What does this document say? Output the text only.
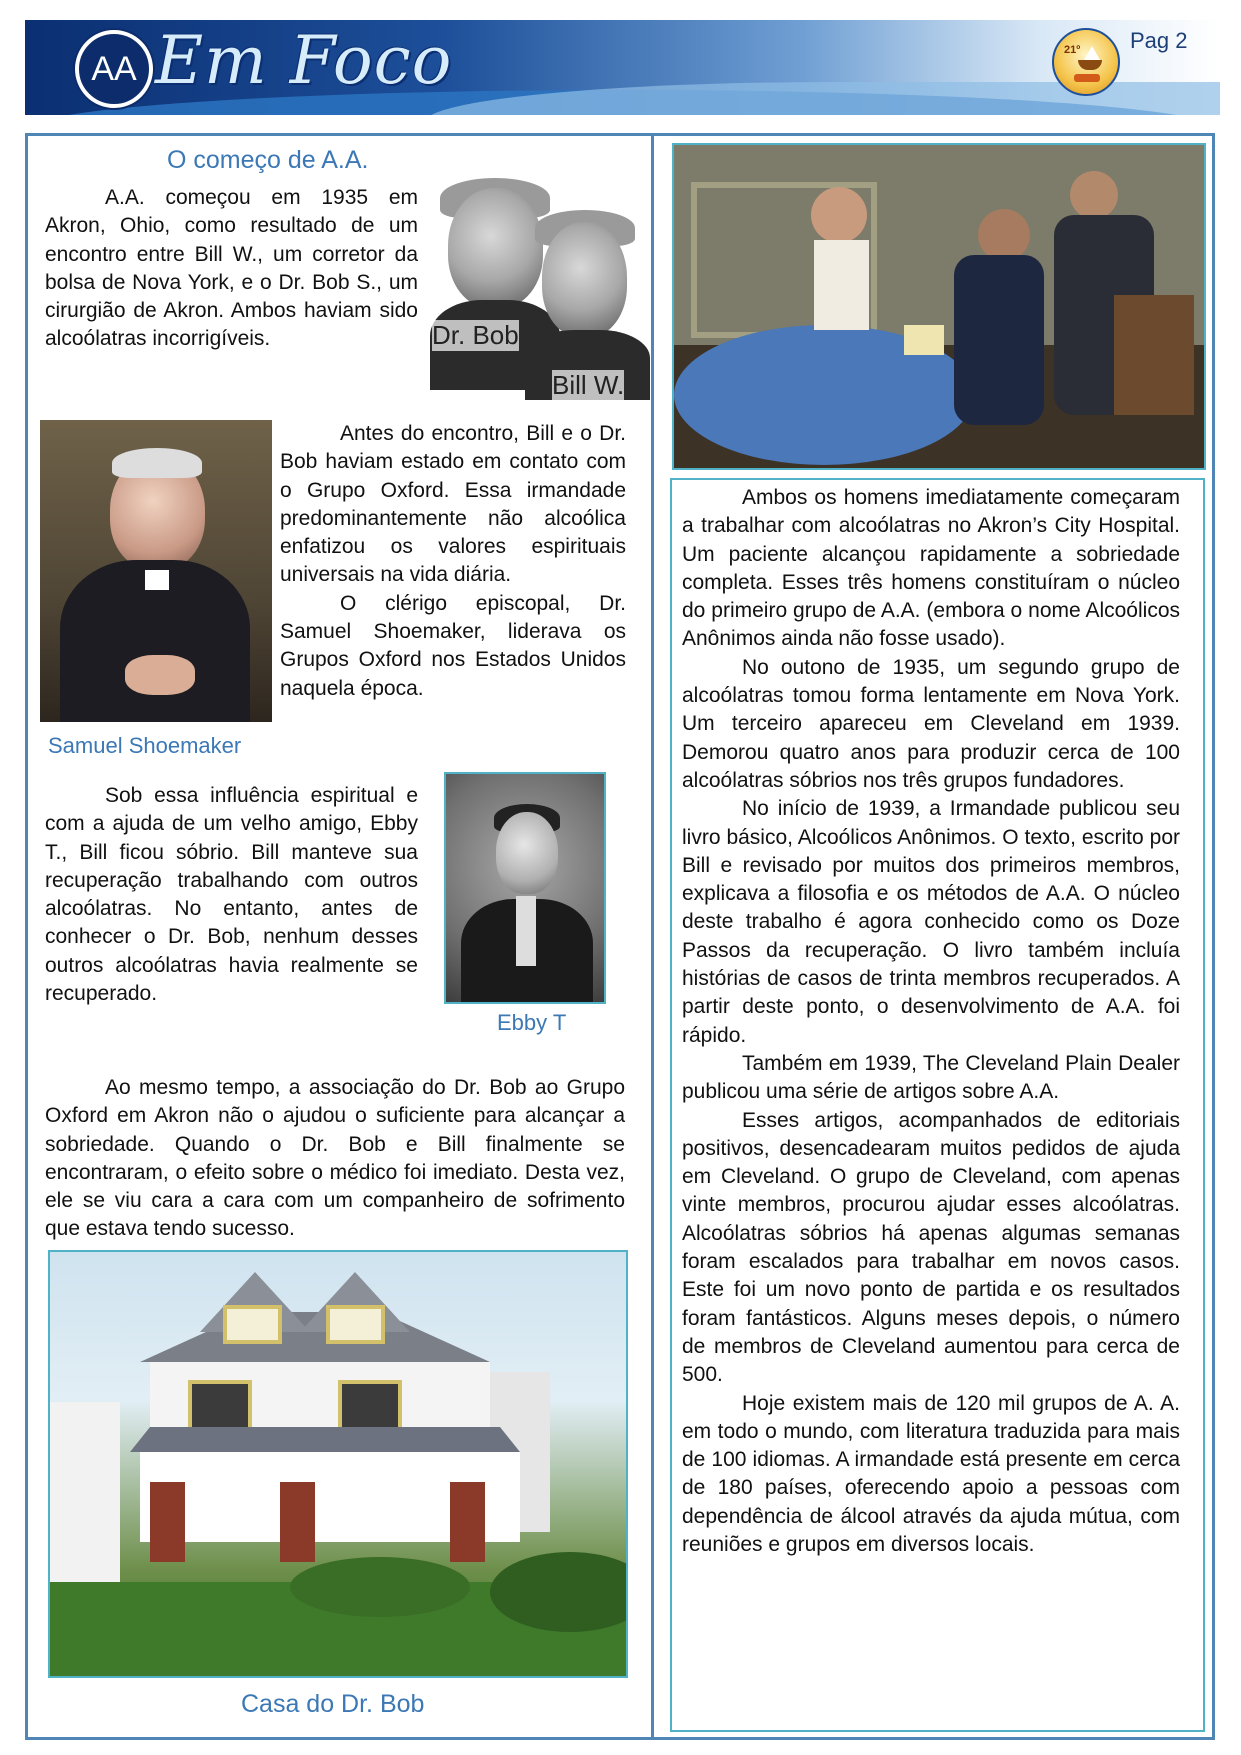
AA Em Foco	21º Pag 2
O começo de A.A.

A.A. começou em 1935 em Akron, Ohio, como resultado de um encontro entre Bill W., um corretor da bolsa de Nova York, e o Dr. Bob S., um cirurgião de Akron. Ambos haviam sido alcoólatras incorrigíveis.	Dr. Bob
Bill W.
Samuel Shoemaker

Antes do encontro, Bill e o Dr. Bob haviam estado em contato com o Grupo Oxford. Essa irmandade predominantemente não alcoólica enfatizou os valores espirituais universais na vida diária.

O clérigo episcopal, Dr. Samuel Shoemaker, liderava os Grupos Oxford nos Estados Unidos naquela época.

Sob essa influência espiritual e com a ajuda de um velho amigo, Ebby T., Bill ficou sóbrio. Bill manteve sua recuperação trabalhando com outros alcoólatras. No entanto, antes de conhecer o Dr. Bob, nenhum desses outros alcoólatras havia realmente se recuperado.

Ebby T

Ao mesmo tempo, a associação do Dr. Bob ao Grupo Oxford em Akron não o ajudou o suficiente para alcançar a sobriedade. Quando o Dr. Bob e Bill finalmente se encontraram, o efeito sobre o médico foi imediato. Desta vez, ele se viu cara a cara com um companheiro de sofrimento que estava tendo sucesso.

Casa do Dr. Bob

Ambos os homens imediatamente começaram a trabalhar com alcoólatras no Akron’s City Hospital. Um paciente alcançou rapidamente a sobriedade completa. Esses três homens constituíram o núcleo do primeiro grupo de A.A. (embora o nome Alcoólicos Anônimos ainda não fosse usado).

No outono de 1935, um segundo grupo de alcoólatras tomou forma lentamente em Nova York. Um terceiro apareceu em Cleveland em 1939. Demorou quatro anos para produzir cerca de 100 alcoólatras sóbrios nos três grupos fundadores.

No início de 1939, a Irmandade publicou seu livro básico, Alcoólicos Anônimos. O texto, escrito por Bill e revisado por muitos dos primeiros membros, explicava a filosofia e os métodos de A.A. O núcleo deste trabalho é agora conhecido como os Doze Passos da recuperação. O livro também incluía histórias de casos de trinta membros recuperados. A partir deste ponto, o desenvolvimento de A.A. foi rápido.

Também em 1939, The Cleveland Plain Dealer publicou uma série de artigos sobre A.A.

Esses artigos, acompanhados de editoriais positivos, desencadearam muitos pedidos de ajuda em Cleveland. O grupo de Cleveland, com apenas vinte membros, procurou ajudar esses alcoólatras. Alcoólatras sóbrios há apenas algumas semanas foram escalados para trabalhar em novos casos. Este foi um novo ponto de partida e os resultados foram fantásticos. Alguns meses depois, o número de membros de Cleveland aumentou para cerca de 500.

Hoje existem mais de 120 mil grupos de A. A. em todo o mundo, com literatura traduzida para mais de 100 idiomas. A irmandade está presente em cerca de 180 países, oferecendo apoio a pessoas com dependência de álcool através da ajuda mútua, com reuniões e grupos em diversos locais.
